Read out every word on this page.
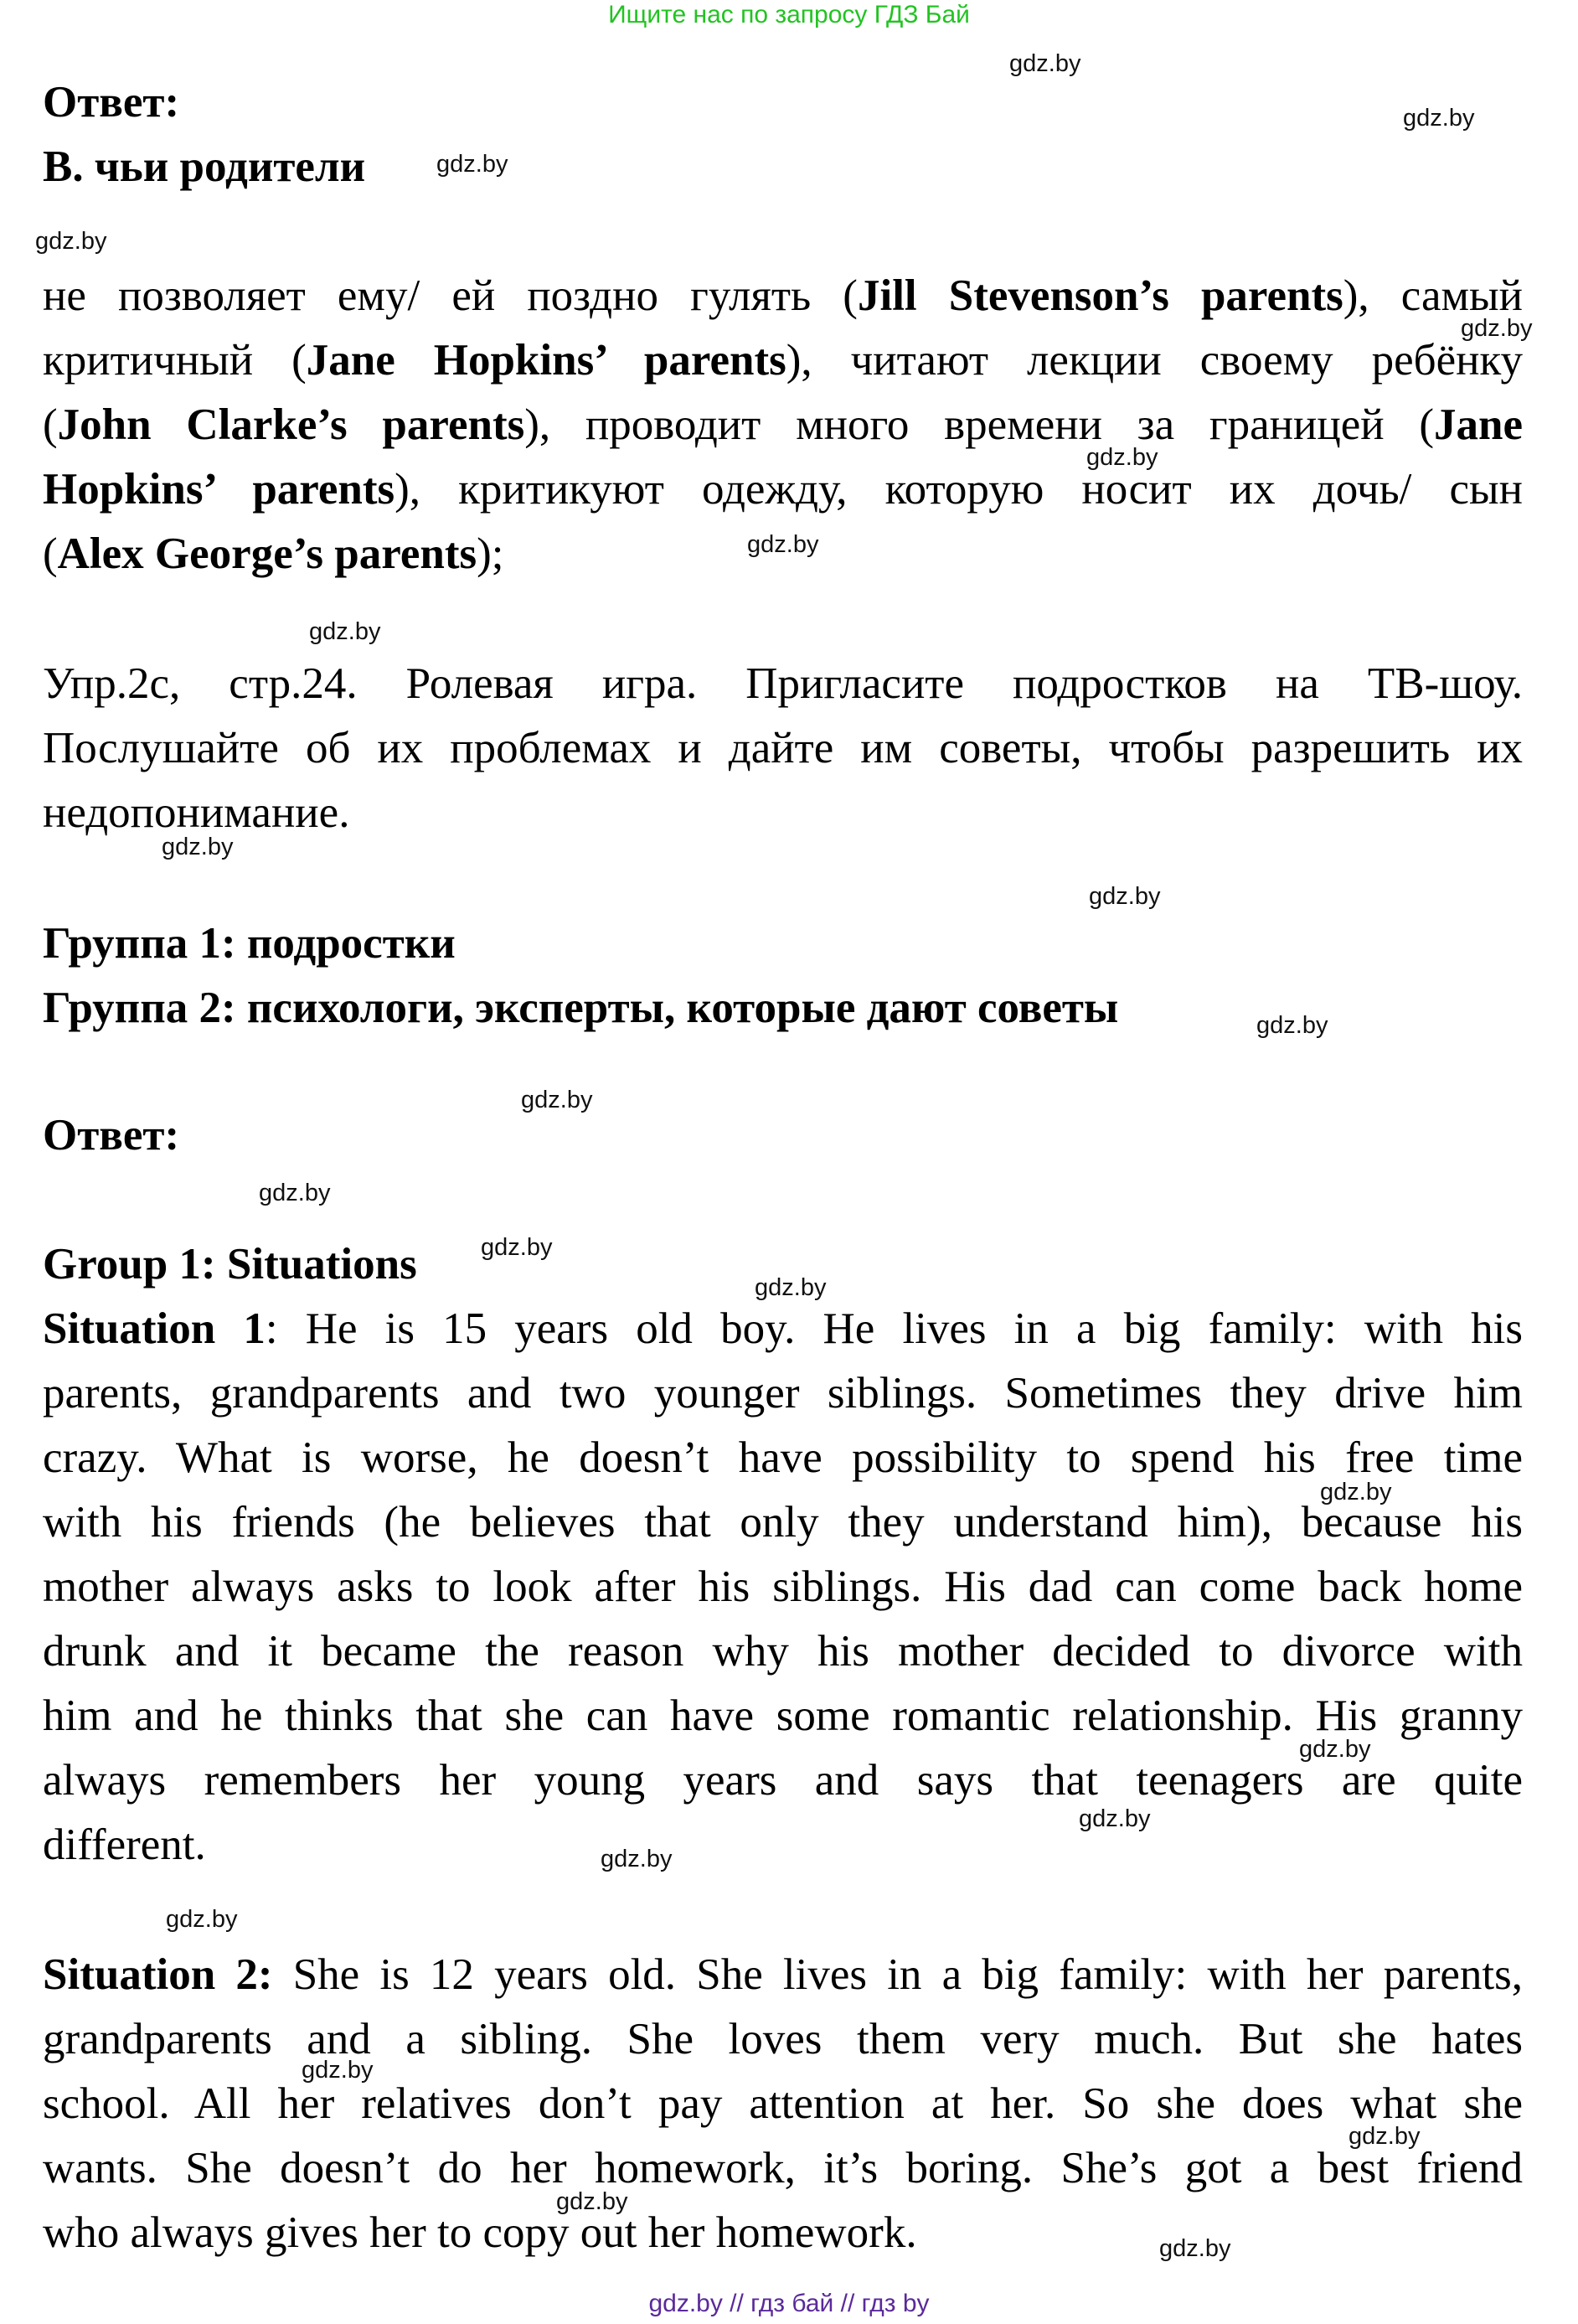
Ищите нас по запросу ГДЗ Бай
Ответ:
B. чьи родители
не позволяет ему/ ей поздно гулять (Jill Stevenson’s parents), самый
критичный (Jane Hopkins’ parents), читают лекции своему ребёнку
(John Clarke’s parents), проводит много времени за границей (Jane
Hopkins’ parents), критикуют одежду, которую носит их дочь/ сын
(Alex George’s parents);
Упр.2c, стр.24. Ролевая игра. Пригласите подростков на ТВ-шоу.
Послушайте об их проблемах и дайте им советы, чтобы разрешить их
недопонимание.
Группа 1: подростки
Группа 2: психологи, эксперты, которые дают советы
Ответ:
Group 1: Situations
Situation 1: He is 15 years old boy. He lives in a big family: with his
parents, grandparents and two younger siblings. Sometimes they drive him
crazy. What is worse, he doesn’t have possibility to spend his free time
with his friends (he believes that only they understand him), because his
mother always asks to look after his siblings. His dad can come back home
drunk and it became the reason why his mother decided to divorce with
him and he thinks that she can have some romantic relationship. His granny
always remembers her young years and says that teenagers are quite
different.
Situation 2: She is 12 years old. She lives in a big family: with her parents,
grandparents and a sibling. She loves them very much. But she hates
school. All her relatives don’t pay attention at her. So she does what she
wants. She doesn’t do her homework, it’s boring. She’s got a best friend
who always gives her to copy out her homework.
gdz.by
gdz.by
gdz.by
gdz.by
gdz.by
gdz.by
gdz.by
gdz.by
gdz.by
gdz.by
gdz.by
gdz.by
gdz.by
gdz.by
gdz.by
gdz.by
gdz.by
gdz.by
gdz.by
gdz.by
gdz.by
gdz.by
gdz.by
gdz.by
gdz.by // гдз бай // гдз by
